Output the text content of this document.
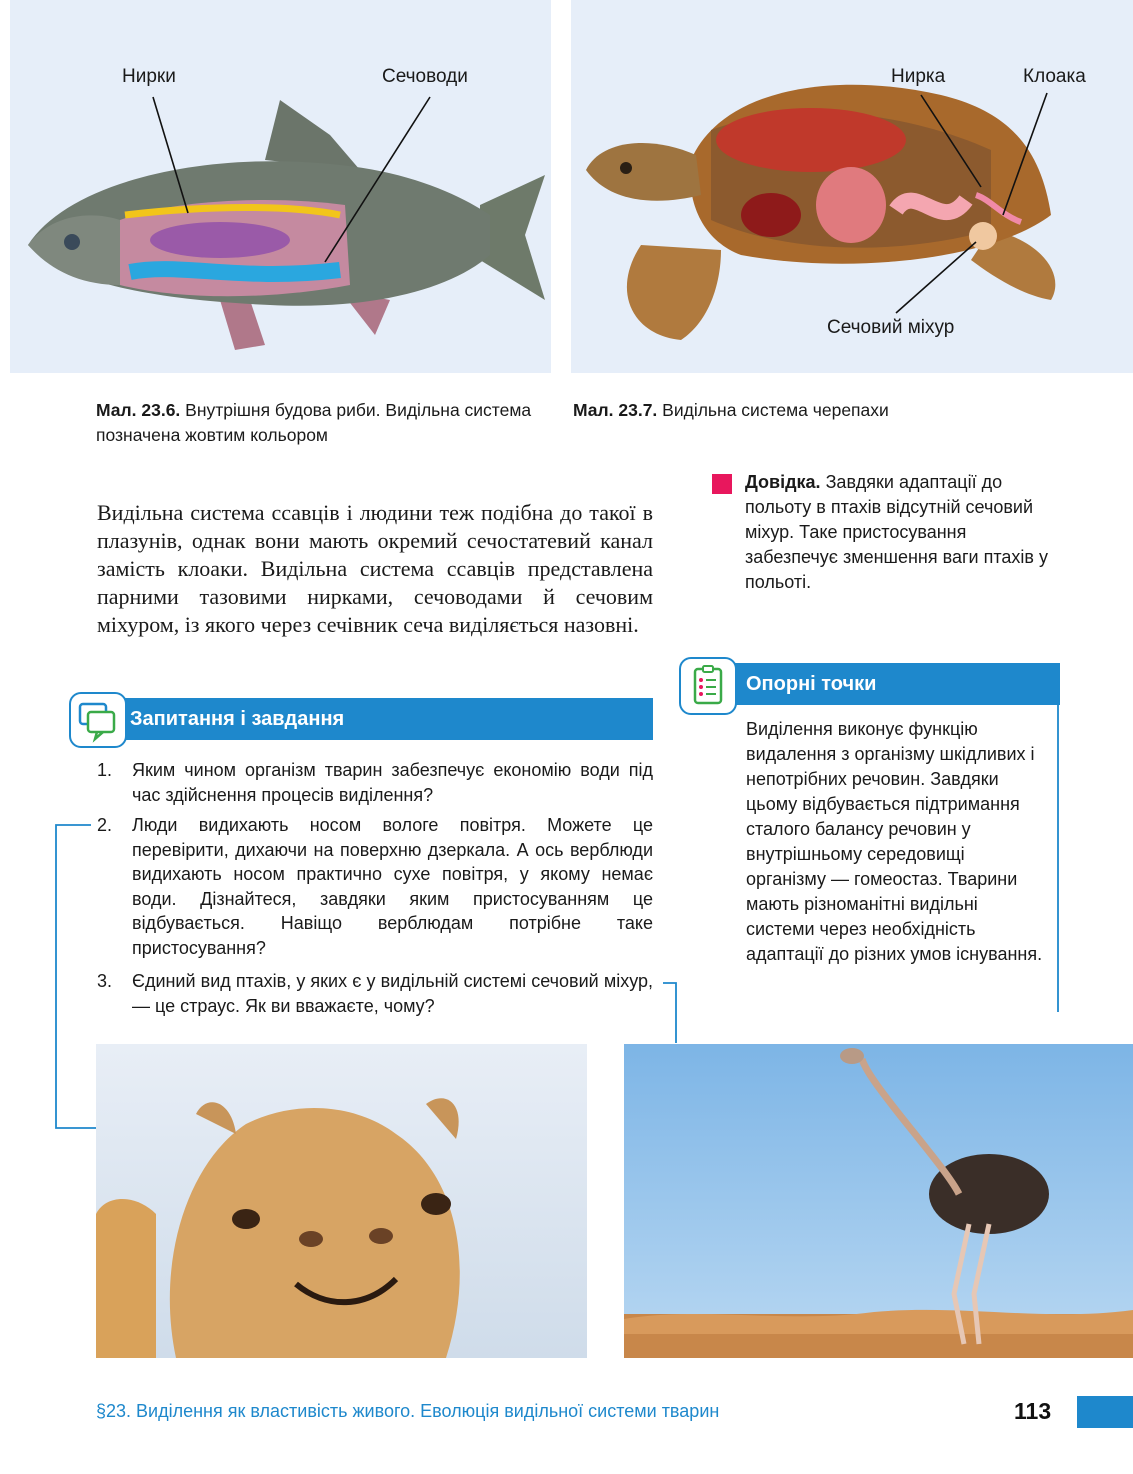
Нирки	Сечоводи	Нирка	Клоака
Сечовий міхур
Мал. 23.6. Внутрішня будова риби. Видільна система позначена жовтим кольором
Мал. 23.7. Видільна система черепахи
Видільна система ссавців і людини теж подібна до такої в плазунів, однак вони мають окремий сечостатевий канал замість клоаки. Видільна система ссавців представлена парними тазовими нирками, сечоводами й сечовим міхуром, із якого через сечівник сеча виділяється назовні.
Довідка. Завдяки адаптації до польоту в птахів відсутній сечовий міхур. Таке пристосування забезпечує зменшення ваги птахів у польоті.
Запитання і завдання
1. Яким чином організм тварин забезпечує економію води під час здійснення процесів виділення?
2. Люди видихають носом вологе повітря. Можете це перевірити, дихаючи на поверхню дзеркала. А ось верблюди видихають носом практично сухе повітря, у якому немає води. Дізнайтеся, завдяки яким пристосуванням це відбувається. Навіщо верблюдам потрібне таке пристосування?
3. Єдиний вид птахів, у яких є у видільній системі сечовий міхур, — це страус. Як ви вважаєте, чому?
Опорні точки
Виділення виконує функцію видалення з організму шкідливих і непотрібних речовин. Завдяки цьому відбувається підтримання сталого балансу речовин у внутрішньому середовищі організму — гомеостаз. Тварини мають різноманітні видільні системи через необхідність адаптації до різних умов існування.
§23. Виділення як властивість живого. Еволюція видільної системи тварин	113
